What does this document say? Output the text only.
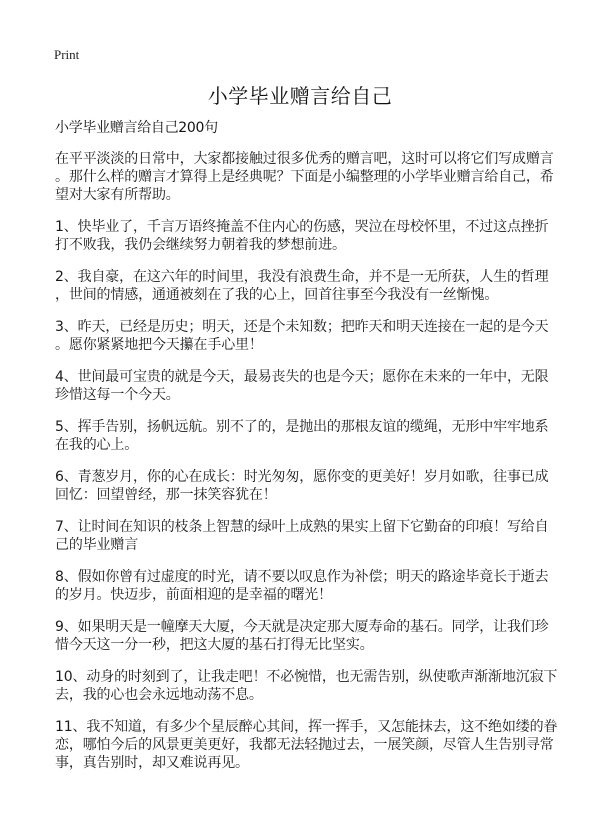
Print
小学毕业赠言给自己
小学毕业赠言给自己200句
在平平淡淡的日常中，大家都接触过很多优秀的赠言吧，这时可以将它们写成赠言
。那什么样的赠言才算得上是经典呢？下面是小编整理的小学毕业赠言给自己，希
望对大家有所帮助。
1、快毕业了，千言万语终掩盖不住内心的伤感，哭泣在母校怀里，不过这点挫折
打不败我，我仍会继续努力朝着我的梦想前进。
2、我自豪，在这六年的时间里，我没有浪费生命，并不是一无所获，人生的哲理
，世间的情感，通通被刻在了我的心上，回首往事至今我没有一丝惭愧。
3、昨天，已经是历史；明天，还是个未知数；把昨天和明天连接在一起的是今天
。愿你紧紧地把今天攥在手心里！
4、世间最可宝贵的就是今天，最易丧失的也是今天；愿你在未来的一年中，无限
珍惜这每一个今天。
5、挥手告别，扬帆远航。别不了的，是抛出的那根友谊的缆绳，无形中牢牢地系
在我的心上。
6、青葱岁月，你的心在成长：时光匆匆，愿你变的更美好！岁月如歌，往事已成
回忆：回望曾经，那一抹笑容犹在！
7、让时间在知识的枝条上智慧的绿叶上成熟的果实上留下它勤奋的印痕！写给自
己的毕业赠言
8、假如你曾有过虚度的时光，请不要以叹息作为补偿；明天的路途毕竟长于逝去
的岁月。快迈步，前面相迎的是幸福的曙光！
9、如果明天是一幢摩天大厦，今天就是决定那大厦寿命的基石。同学，让我们珍
惜今天这一分一秒，把这大厦的基石打得无比坚实。
10、动身的时刻到了，让我走吧！不必惋惜，也无需告别，纵使歌声渐渐地沉寂下
去，我的心也会永远地动荡不息。
11、我不知道，有多少个星辰醉心其间，挥一挥手，又怎能抹去，这不绝如缕的眷
恋，哪怕今后的风景更美更好，我都无法轻抛过去，一展笑颜，尽管人生告别寻常
事，真告别时，却又难说再见。
